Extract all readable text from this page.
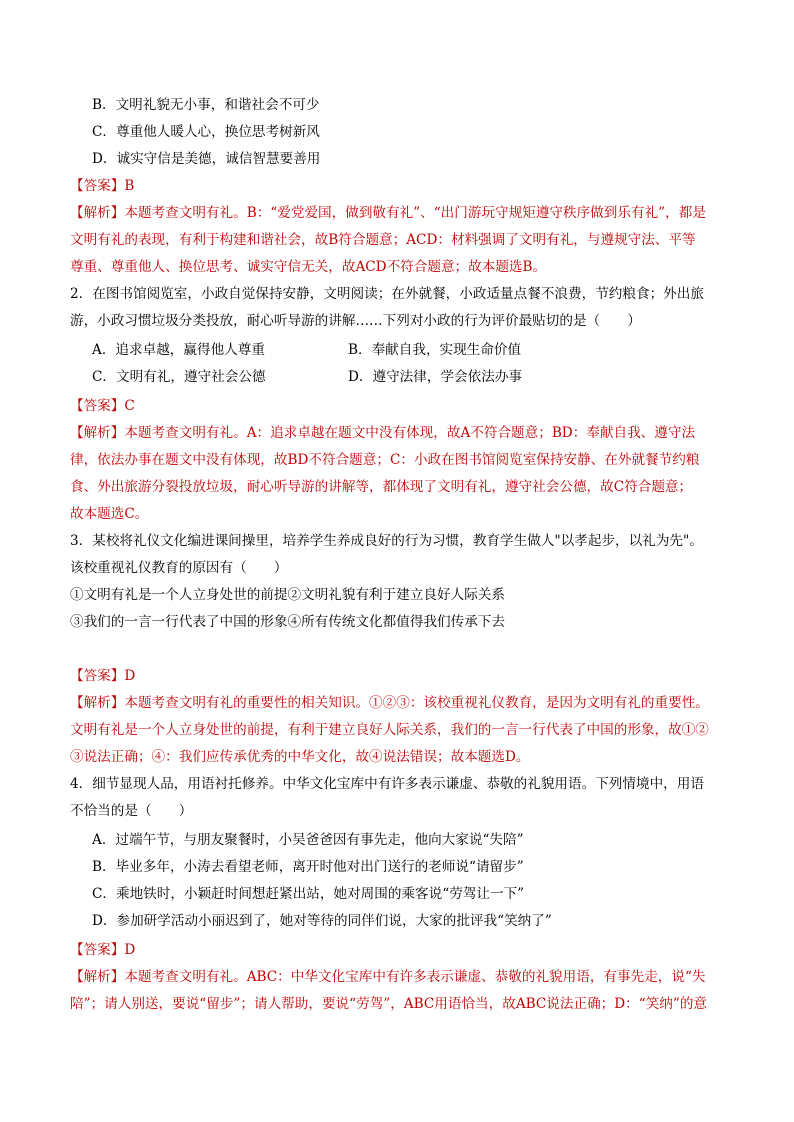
B．文明礼貌无小事，和谐社会不可少
C．尊重他人暖人心，换位思考树新风
D．诚实守信是美德，诚信智慧要善用
【答案】B
【解析】本题考查文明有礼。B：“爱党爱国，做到敬有礼”、“出门游玩守规矩遵守秩序做到乐有礼”，都是
文明有礼的表现，有利于构建和谐社会，故B符合题意；ACD：材料强调了文明有礼，与遵规守法、平等
尊重、尊重他人、换位思考、诚实守信无关，故ACD不符合题意；故本题选B。
2．在图书馆阅览室，小政自觉保持安静，文明阅读；在外就餐，小政适量点餐不浪费，节约粮食；外出旅
游，小政习惯垃圾分类投放，耐心听导游的讲解……下列对小政的行为评价最贴切的是（　　）
A．追求卓越，赢得他人尊重	B．奉献自我，实现生命价值
C．文明有礼，遵守社会公德	D．遵守法律，学会依法办事
【答案】C
【解析】本题考查文明有礼。A：追求卓越在题文中没有体现，故A不符合题意；BD：奉献自我、遵守法
律，依法办事在题文中没有体现，故BD不符合题意；C：小政在图书馆阅览室保持安静、在外就餐节约粮
食、外出旅游分裂投放垃圾，耐心听导游的讲解等，都体现了文明有礼，遵守社会公德，故C符合题意；
故本题选C。
3．某校将礼仪文化编进课间操里，培养学生养成良好的行为习惯，教育学生做人"以孝起步，以礼为先"。
该校重视礼仪教育的原因有（　　）
①文明有礼是一个人立身处世的前提②文明礼貌有利于建立良好人际关系
③我们的一言一行代表了中国的形象④所有传统文化都值得我们传承下去
【答案】D
【解析】本题考查文明有礼的重要性的相关知识。①②③：该校重视礼仪教育，是因为文明有礼的重要性。
文明有礼是一个人立身处世的前提，有利于建立良好人际关系，我们的一言一行代表了中国的形象，故①②
③说法正确；④：我们应传承优秀的中华文化，故④说法错误；故本题选D。
4．细节显现人品，用语衬托修养。中华文化宝库中有许多表示谦虚、恭敬的礼貌用语。下列情境中，用语
不恰当的是（　　）
A．过端午节，与朋友聚餐时，小吴爸爸因有事先走，他向大家说“失陪”
B．毕业多年，小涛去看望老师，离开时他对出门送行的老师说“请留步”
C．乘地铁时，小颖赶时间想赶紧出站，她对周围的乘客说“劳驾让一下”
D．参加研学活动小丽迟到了，她对等待的同伴们说，大家的批评我“笑纳了”
【答案】D
【解析】本题考查文明有礼。ABC：中华文化宝库中有许多表示谦虚、恭敬的礼貌用语，有事先走，说“失
陪”；请人别送，要说“留步”；请人帮助，要说“劳驾”，ABC用语恰当，故ABC说法正确；D：“笑纳”的意
